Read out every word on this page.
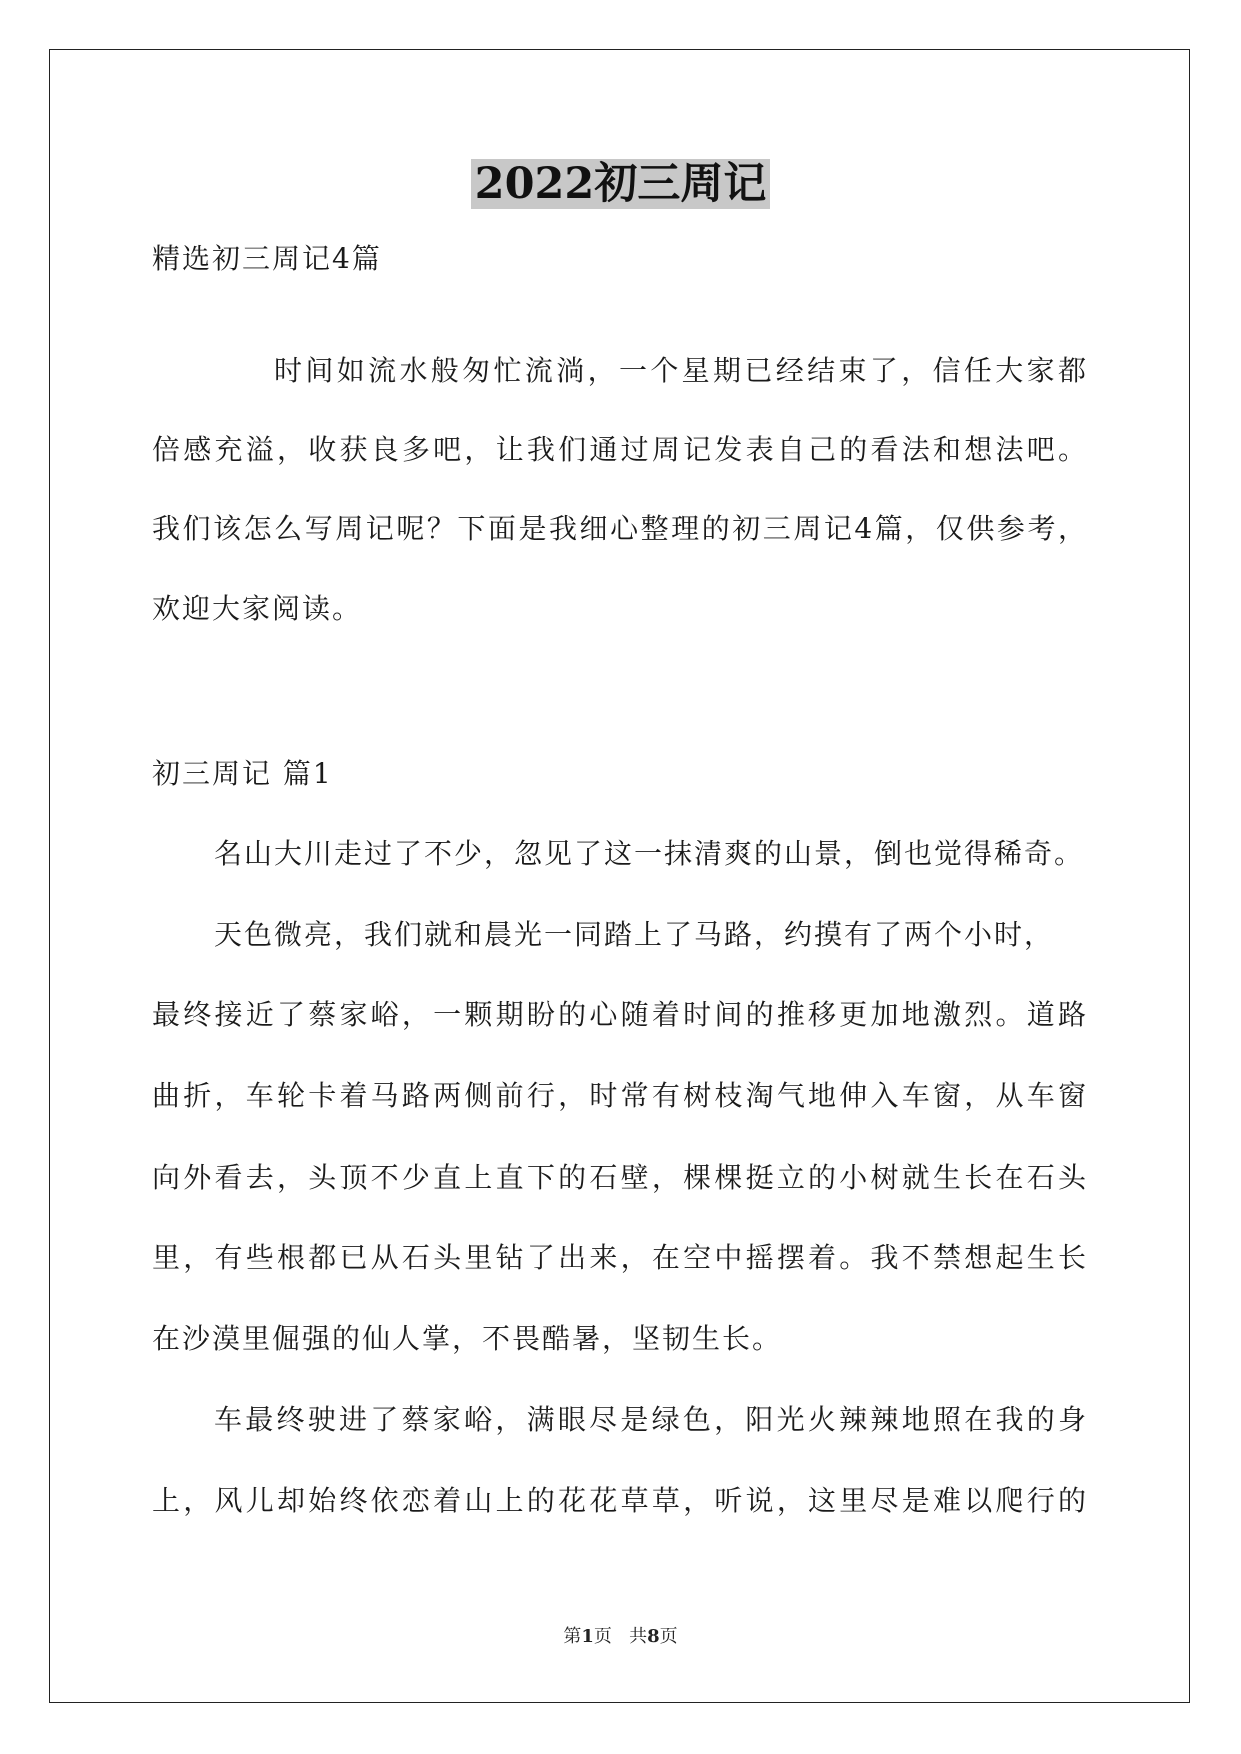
2022初三周记
精选初三周记4篇
时间如流水般匆忙流淌，一个星期已经结束了，信任大家都
倍感充溢，收获良多吧，让我们通过周记发表自己的看法和想法吧。
我们该怎么写周记呢？下面是我细心整理的初三周记4篇，仅供参考，
欢迎大家阅读。
初三周记 篇1
名山大川走过了不少，忽见了这一抹清爽的山景，倒也觉得稀奇。
天色微亮，我们就和晨光一同踏上了马路，约摸有了两个小时，
最终接近了蔡家峪，一颗期盼的心随着时间的推移更加地激烈。道路
曲折，车轮卡着马路两侧前行，时常有树枝淘气地伸入车窗，从车窗
向外看去，头顶不少直上直下的石壁，棵棵挺立的小树就生长在石头
里，有些根都已从石头里钻了出来，在空中摇摆着。我不禁想起生长
在沙漠里倔强的仙人掌，不畏酷暑，坚韧生长。
车最终驶进了蔡家峪，满眼尽是绿色，阳光火辣辣地照在我的身
上，风儿却始终依恋着山上的花花草草，听说，这里尽是难以爬行的
第1页 共8页
